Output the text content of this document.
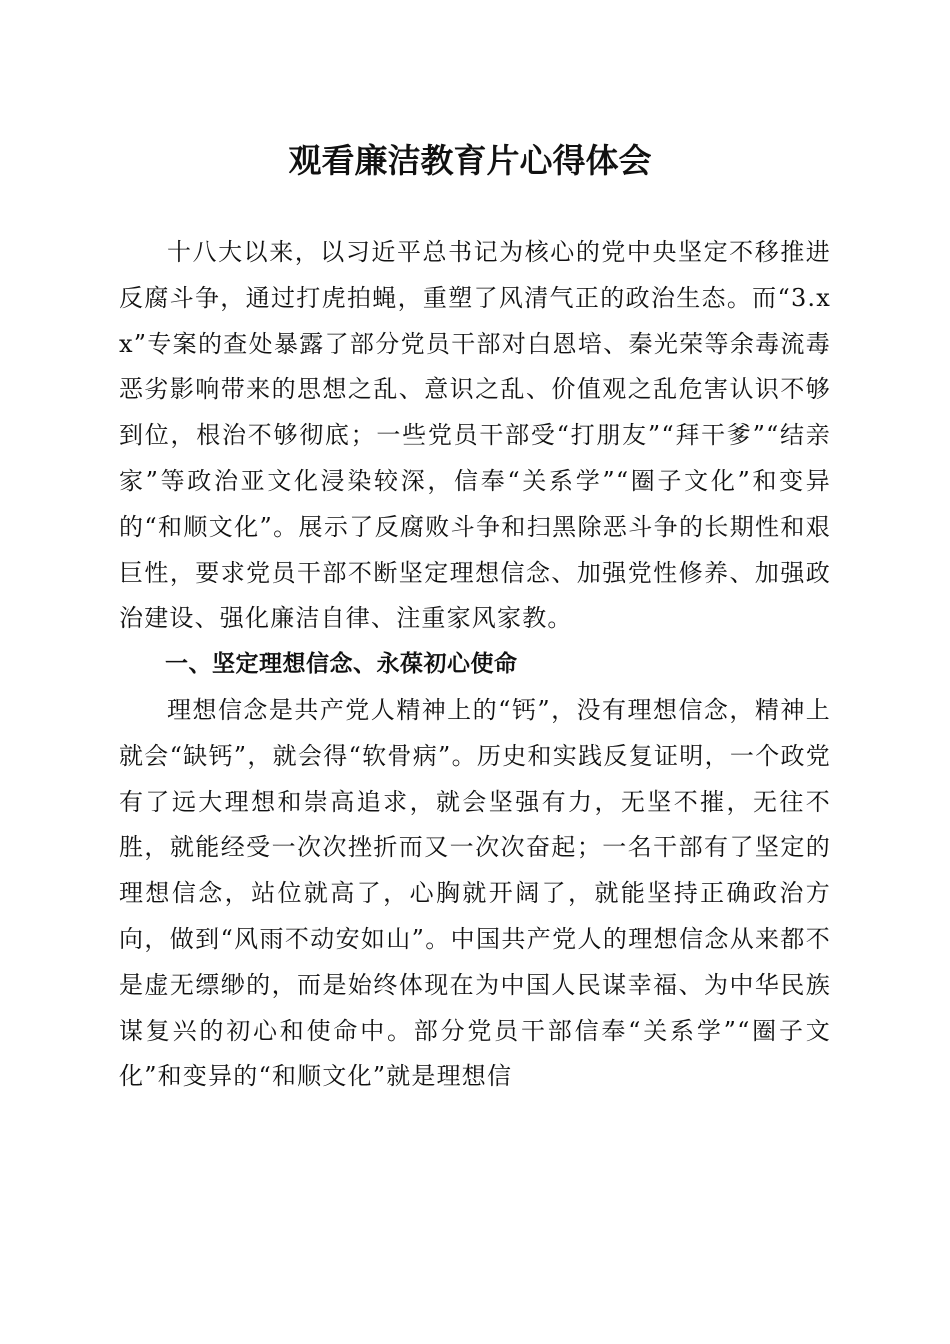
观看廉洁教育片心得体会

十八大以来，以习近平总书记为核心的党中央坚定不移推进反腐斗争，通过打虎拍蝇，重塑了风清气正的政治生态。而“3.xx”专案的查处暴露了部分党员干部对白恩培、秦光荣等余毒流毒恶劣影响带来的思想之乱、意识之乱、价值观之乱危害认识不够到位，根治不够彻底；一些党员干部受“打朋友”“拜干爹”“结亲家”等政治亚文化浸染较深，信奉“关系学”“圈子文化”和变异的“和顺文化”。展示了反腐败斗争和扫黑除恶斗争的长期性和艰巨性，要求党员干部不断坚定理想信念、加强党性修养、加强政治建设、强化廉洁自律、注重家风家教。

一、坚定理想信念、永葆初心使命

理想信念是共产党人精神上的“钙”，没有理想信念，精神上就会“缺钙”，就会得“软骨病”。历史和实践反复证明，一个政党有了远大理想和崇高追求，就会坚强有力，无坚不摧，无往不胜，就能经受一次次挫折而又一次次奋起；一名干部有了坚定的理想信念，站位就高了，心胸就开阔了，就能坚持正确政治方向，做到“风雨不动安如山”。中国共产党人的理想信念从来都不是虚无缥缈的，而是始终体现在为中国人民谋幸福、为中华民族谋复兴的初心和使命中。部分党员干部信奉“关系学”“圈子文化”和变异的“和顺文化”就是理想信
